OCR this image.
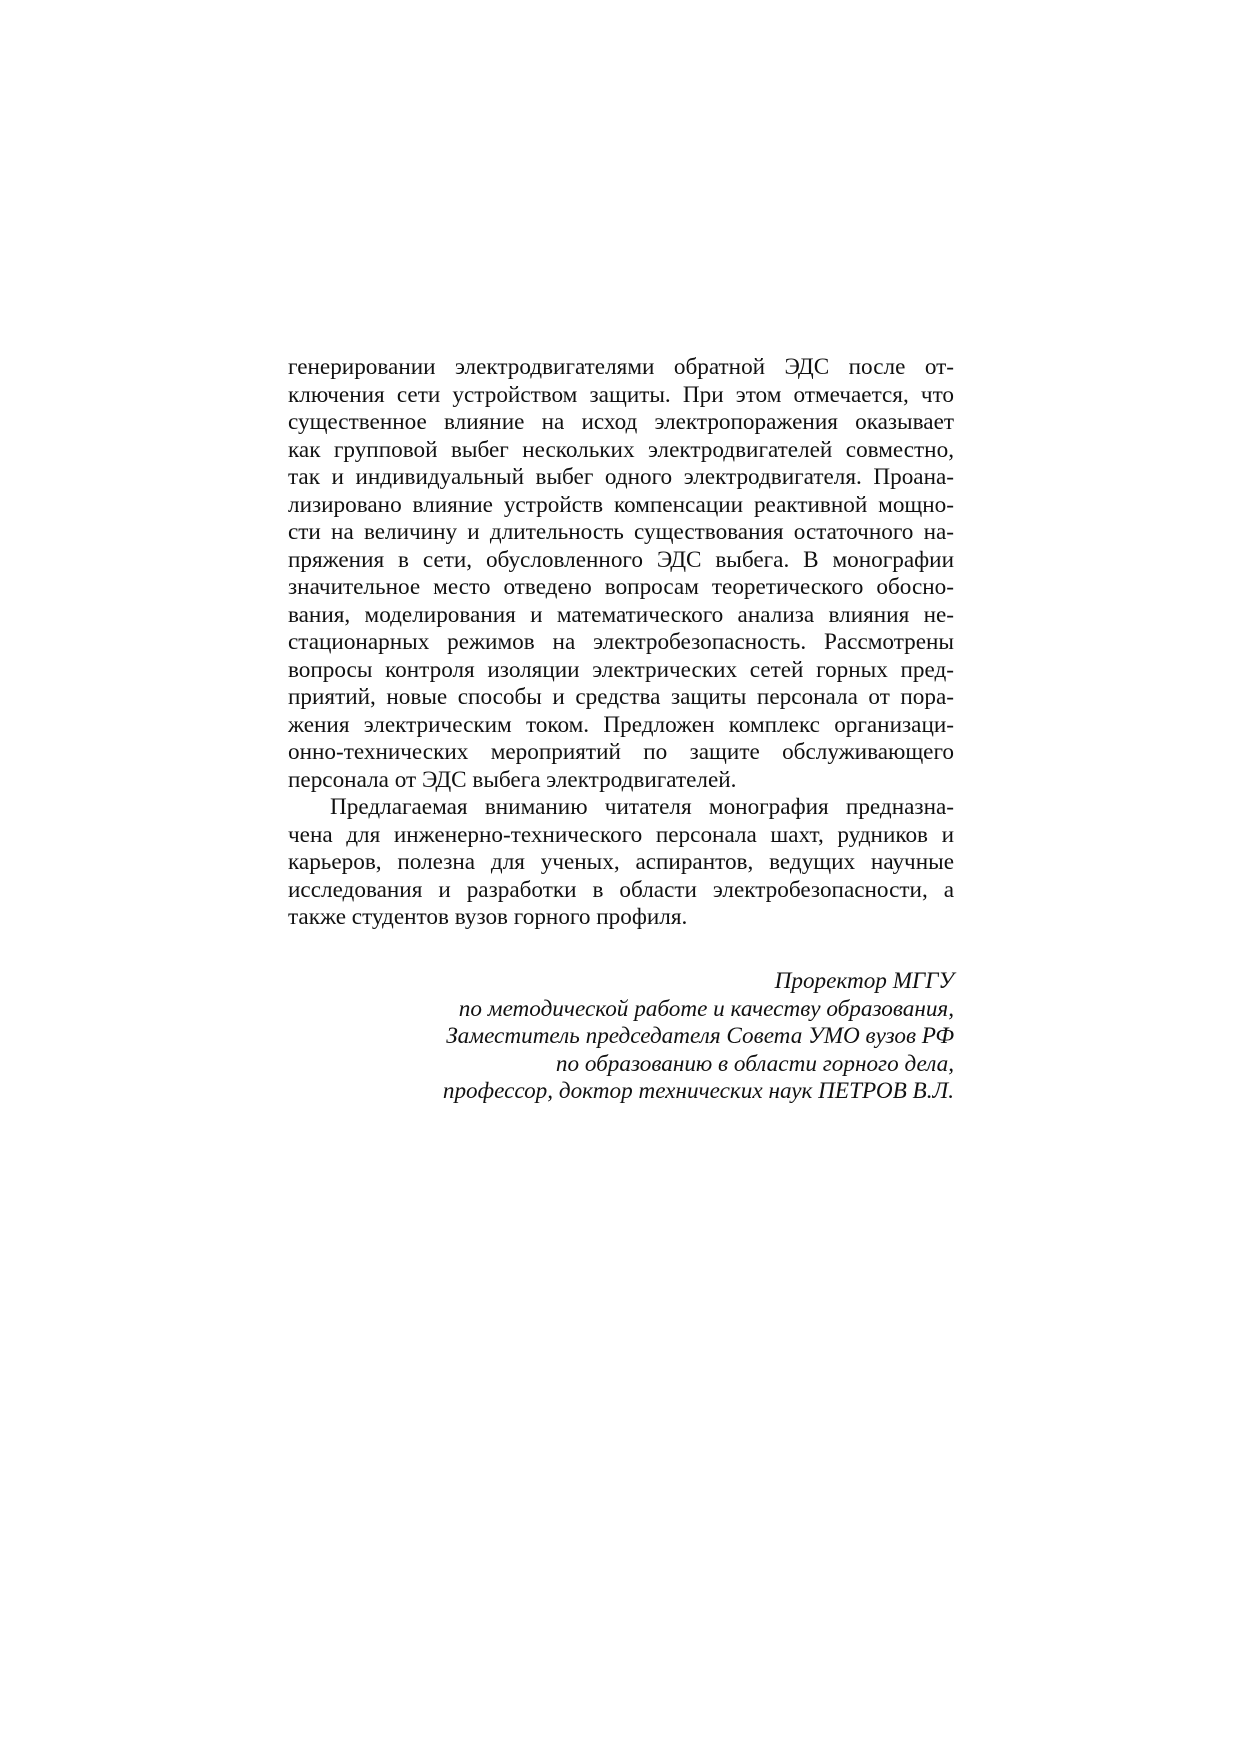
генерировании электродвигателями обратной ЭДС после от-
ключения сети устройством защиты. При этом отмечается, что
существенное влияние на исход электропоражения оказывает
как групповой выбег нескольких электродвигателей совместно,
так и индивидуальный выбег одного электродвигателя. Проана-
лизировано влияние устройств компенсации реактивной мощно-
сти на величину и длительность существования остаточного на-
пряжения в сети, обусловленного ЭДС выбега. В монографии
значительное место отведено вопросам теоретического обосно-
вания, моделирования и математического анализа влияния не-
стационарных режимов на электробезопасность. Рассмотрены
вопросы контроля изоляции электрических сетей горных пред-
приятий, новые способы и средства защиты персонала от пора-
жения электрическим током. Предложен комплекс организаци-
онно-технических мероприятий по защите обслуживающего
персонала от ЭДС выбега электродвигателей.
Предлагаемая вниманию читателя монография предназна-
чена для инженерно-технического персонала шахт, рудников и
карьеров, полезна для ученых, аспирантов, ведущих научные
исследования и разработки в области электробезопасности, а
также студентов вузов горного профиля.
Проректор МГГУ
по методической работе и качеству образования,
Заместитель председателя Совета УМО вузов РФ
по образованию в области горного дела,
профессор, доктор технических наук ПЕТРОВ В.Л.
